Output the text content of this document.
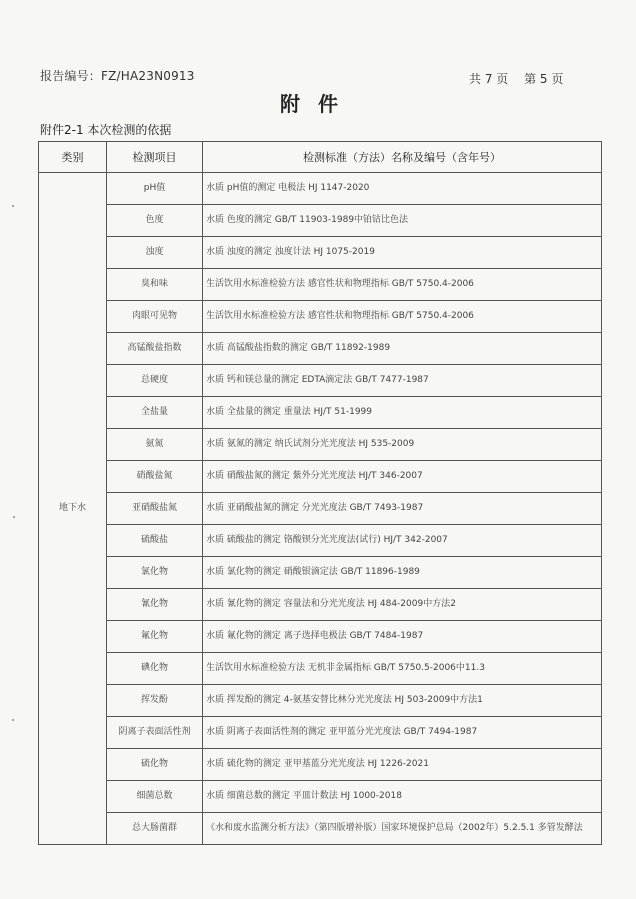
报告编号：FZ/HA23N0913	共 7 页 第 5 页
附件
附件2-1 本次检测的依据
类别	检测项目	检测标准（方法）名称及编号（含年号）
地下水	pH值	水质 pH值的测定 电极法 HJ 1147-2020
	色度	水质 色度的测定 GB/T 11903-1989中铂钴比色法
	浊度	水质 浊度的测定 浊度计法 HJ 1075-2019
	臭和味	生活饮用水标准检验方法 感官性状和物理指标 GB/T 5750.4-2006
	肉眼可见物	生活饮用水标准检验方法 感官性状和物理指标 GB/T 5750.4-2006
	高锰酸盐指数	水质 高锰酸盐指数的测定 GB/T 11892-1989
	总硬度	水质 钙和镁总量的测定 EDTA滴定法 GB/T 7477-1987
	全盐量	水质 全盐量的测定 重量法 HJ/T 51-1999
	氨氮	水质 氨氮的测定 纳氏试剂分光光度法 HJ 535-2009
	硝酸盐氮	水质 硝酸盐氮的测定 紫外分光光度法 HJ/T 346-2007
	亚硝酸盐氮	水质 亚硝酸盐氮的测定 分光光度法 GB/T 7493-1987
	硫酸盐	水质 硫酸盐的测定 铬酸钡分光光度法(试行) HJ/T 342-2007
	氯化物	水质 氯化物的测定 硝酸银滴定法 GB/T 11896-1989
	氰化物	水质 氰化物的测定 容量法和分光光度法 HJ 484-2009中方法2
	氟化物	水质 氟化物的测定 离子选择电极法 GB/T 7484-1987
	碘化物	生活饮用水标准检验方法 无机非金属指标 GB/T 5750.5-2006中11.3
	挥发酚	水质 挥发酚的测定 4-氨基安替比林分光光度法 HJ 503-2009中方法1
	阴离子表面活性剂	水质 阴离子表面活性剂的测定 亚甲蓝分光光度法 GB/T 7494-1987
	硫化物	水质 硫化物的测定 亚甲基蓝分光光度法 HJ 1226-2021
	细菌总数	水质 细菌总数的测定 平皿计数法 HJ 1000-2018
	总大肠菌群	《水和废水监测分析方法》（第四版增补版）国家环境保护总局（2002年）5.2.5.1 多管发酵法
